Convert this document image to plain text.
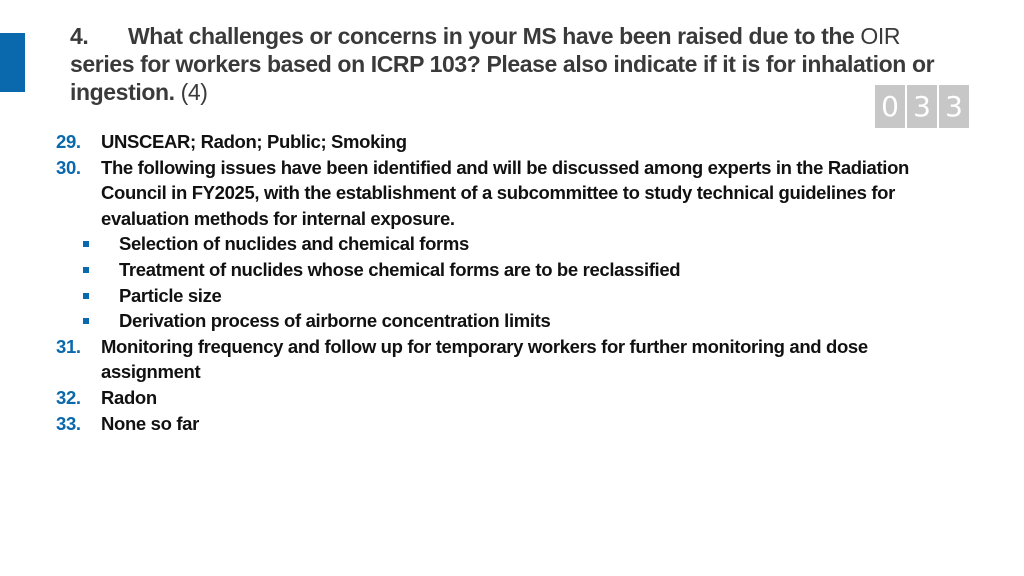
4. What challenges or concerns in your MS have been raised due to the OIR series for workers based on ICRP 103? Please also indicate if it is for inhalation or ingestion. (4)	0 3 3
29. UNSCEAR; Radon; Public; Smoking
30. The following issues have been identified and will be discussed among experts in the Radiation Council in FY2025, with the establishment of a subcommittee to study technical guidelines for evaluation methods for internal exposure.
Selection of nuclides and chemical forms
Treatment of nuclides whose chemical forms are to be reclassified
Particle size
Derivation process of airborne concentration limits
31. Monitoring frequency and follow up for temporary workers for further monitoring and dose assignment
32. Radon
33. None so far
